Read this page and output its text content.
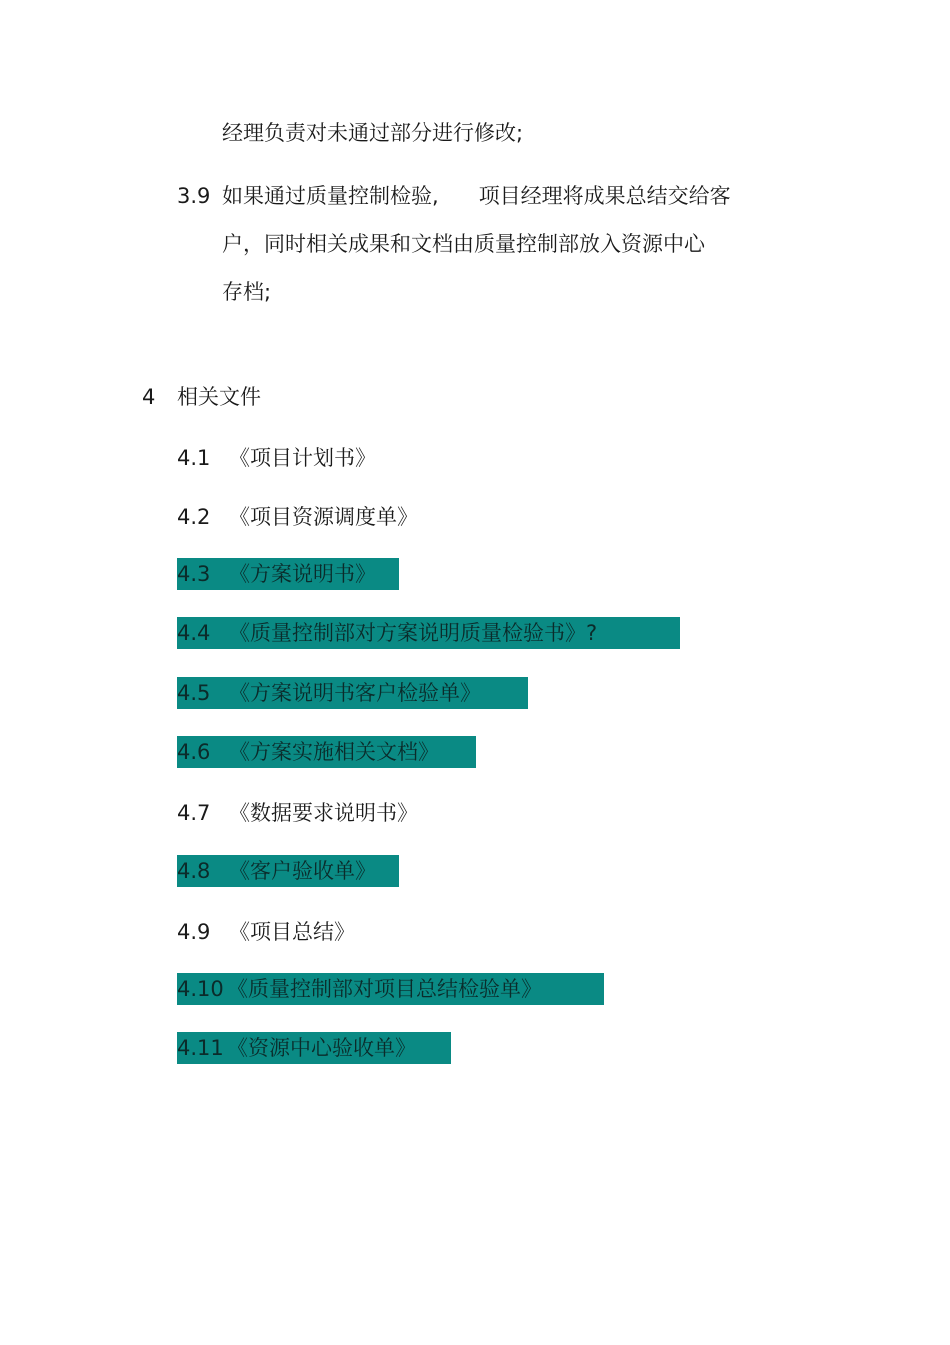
经理负责对未通过部分进行修改;
3.9 如果通过质量控制检验, 项目经理将成果总结交给客
户，同时相关成果和文档由质量控制部放入资源中心
存档;
4 相关文件
4.1 《项目计划书》
4.2 《项目资源调度单》
4.3 《方案说明书》
4.4 《质量控制部对方案说明质量检验书》?
4.5 《方案说明书客户检验单》
4.6 《方案实施相关文档》
4.7 《数据要求说明书》
4.8 《客户验收单》
4.9 《项目总结》
4.10 《质量控制部对项目总结检验单》
4.11 《资源中心验收单》
